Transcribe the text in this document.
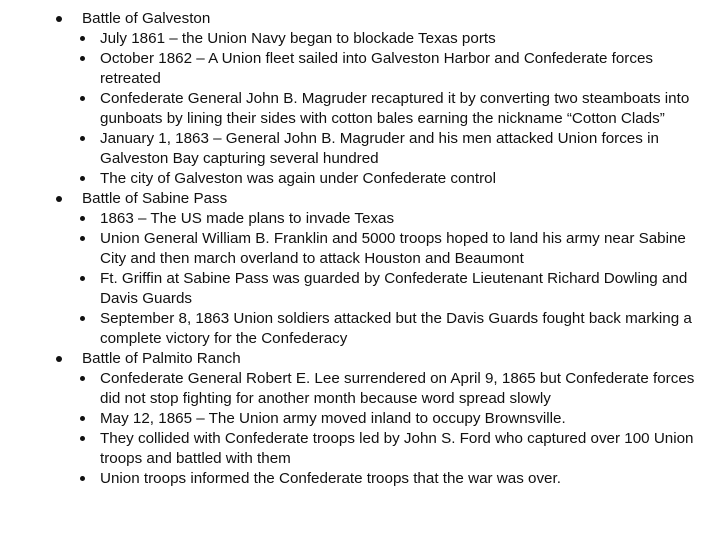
Battle of Galveston
July 1861 – the Union Navy began to blockade Texas ports
October 1862 – A Union fleet sailed into Galveston Harbor and Confederate forces retreated
Confederate General John B. Magruder recaptured it by converting two steamboats into gunboats by lining their sides with cotton bales earning the nickname “Cotton Clads”
January 1, 1863 – General John B. Magruder and his men attacked Union forces in Galveston Bay capturing several hundred
The city of Galveston was again under Confederate control
Battle of Sabine Pass
1863 – The US made plans to invade Texas
Union General William B. Franklin and 5000 troops hoped to land his army near Sabine City and then march overland to attack Houston and Beaumont
Ft. Griffin at Sabine Pass was guarded by Confederate Lieutenant Richard Dowling and Davis Guards
September 8, 1863 Union soldiers attacked but the Davis Guards fought back marking a complete victory for the Confederacy
Battle of Palmito Ranch
Confederate General Robert E. Lee surrendered on April 9, 1865 but Confederate forces did not stop fighting for another month because word spread slowly
May 12, 1865 – The Union army moved inland to occupy Brownsville.
They collided with Confederate troops led by John S. Ford who captured over 100 Union troops and battled with them
Union troops informed the Confederate troops that the war was over.
